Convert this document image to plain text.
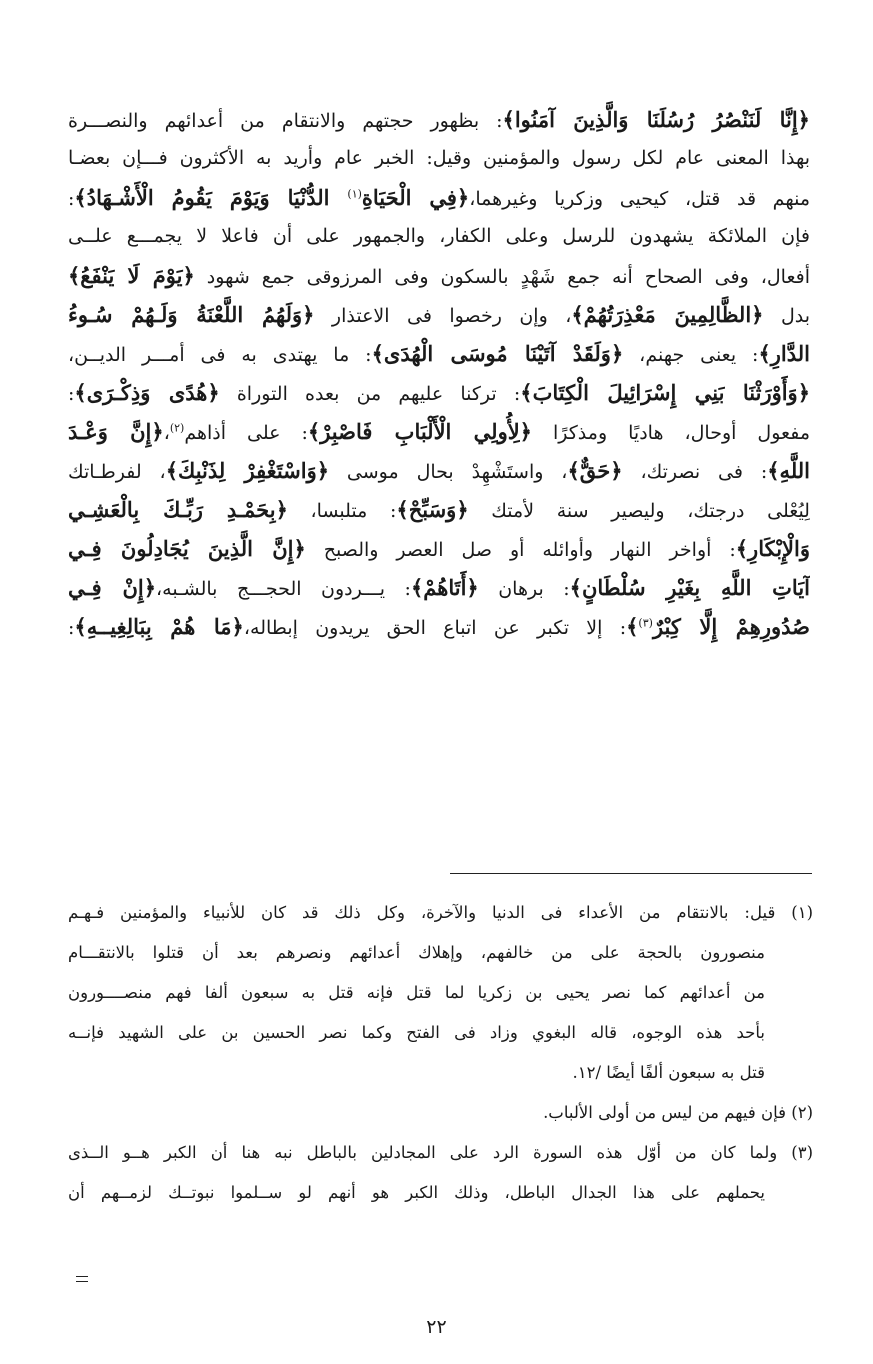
﴿إِنَّا لَنَنْصُرُ رُسُلَنَا وَالَّذِينَ آمَنُوا﴾: بظهور حجتهم والانتقام من أعدائهم والنصـــرة
بهذا المعنى عام لكل رسول والمؤمنين وقيل: الخبر عام وأريد به الأكثرون فـــإن بعضـا
منهم قد قتل، كيحيى وزكريا وغيرهما،﴿فِي الْحَيَاةِ$^{(١)}$ الدُّنْيَا وَيَوْمَ يَقُومُ الْأَشْـهَادُ﴾:
فإن الملائكة يشهدون للرسل وعلى الكفار، والجمهور على أن فاعلا لا يجمـــع علــى
أفعال، وفى الصحاح أنه جمع شَهْدٍ بالسكون وفى المرزوقى جمع شهود ﴿يَوْمَ لَا يَنْفَعُ﴾
بدل ﴿الظَّالِمِينَ مَعْذِرَتُهُمْ﴾، وإن رخصوا فى الاعتذار ﴿وَلَهُمُ اللَّعْنَةُ وَلَـهُمْ سُـوءُ
الدَّارِ﴾: يعنى جهنم، ﴿وَلَقَدْ آتَيْنَا مُوسَى الْهُدَى﴾: ما يهتدى به فى أمـــر الديــن،
﴿وَأَوْرَثْنَا بَنِي إِسْرَائِيلَ الْكِتَابَ﴾: تركنا عليهم من بعده التوراة ﴿هُدًى وَذِكْـرَى﴾:
مفعول أوحال، هاديًا ومذكرًا ﴿لِأُولِي الْأَلْبَابِ فَاصْبِرْ﴾: على أذاهم$^{(٢)}$،﴿إِنَّ وَعْـدَ
اللَّهِ﴾: فى نصرتك، ﴿حَقٌّ﴾، واستَشْهِدْ بحال موسى ﴿وَاسْتَغْفِرْ لِذَنْبِكَ﴾، لفرطـاتك
لِيُعْلى درجتك، وليصير سنة لأمتك ﴿وَسَبِّحْ﴾: متلبسا، ﴿بِحَمْـدِ رَبِّـكَ بِالْعَشِـي
وَالْإِبْكَارِ﴾: أواخر النهار وأوائله أو صل العصر والصبح ﴿إِنَّ الَّذِينَ يُجَادِلُونَ فِـي
آيَاتِ اللَّهِ بِغَيْرِ سُلْطَانٍ﴾: برهان ﴿أَتَاهُمْ﴾: يـــردون الحجـــج بالشـبه،﴿إِنْ فِـي
صُدُورِهِمْ إِلَّا كِبْرٌ$^{(٣)}$﴾: إلا تكبر عن اتباع الحق يريدون إبطاله،﴿مَا هُمْ بِبَالِغِيــهِ﴾:
(١) قيل: بالانتقام من الأعداء فى الدنيا والآخرة، وكل ذلك قد كان للأنبياء والمؤمنين فـهـم
منصورون بالحجة على من خالفهم، وإهلاك أعدائهم ونصرهم بعد أن قتلوا بالانتقـــام
من أعدائهم كما نصر يحيى بن زكريا لما قتل فإنه قتل به سبعون ألفا فهم منصــــورون
بأحد هذه الوجوه، قاله البغوي وزاد فى الفتح وكما نصر الحسين بن على الشهيد فإنــه
قتل به سبعون ألفًا أيضًا /١٢.
(٢) فإن فيهم من ليس من أولى الألباب.
(٣) ولما كان من أوّل هذه السورة الرد على المجادلين بالباطل نبه هنا أن الكبر هــو الــذى
يحملهم على هذا الجدال الباطل، وذلك الكبر هو أنهم لو ســلموا نبوتــك لزمــهم أن
٢٢
